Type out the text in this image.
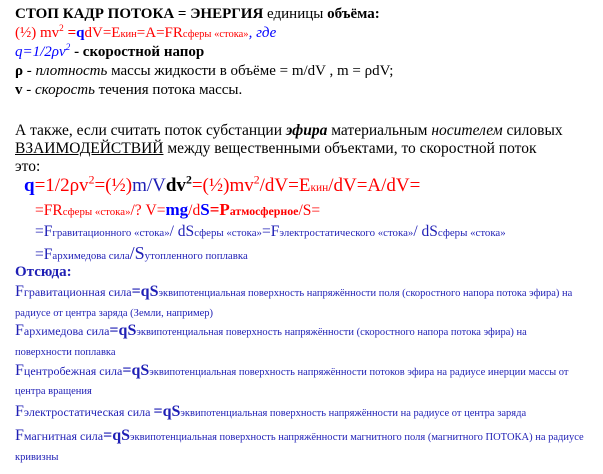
СТОП КАДР ПОТОКА = ЭНЕРГИЯ единицы объёма:
(½) $mv^2$ =qdV=Eкин=A=FRсферы «стока», где
$q=1/2\rho v^2$ - скоростной напор
ρ - плотность массы жидкости в объёме = m/dV , m = ρdV;
v - скорость течения потока массы.
А также, если считать поток субстанции эфира материальным носителем силовых
ВЗАИМОДЕЙСТВИЙ между вещественными объектами, то скоростной поток
это:
$q=1/2\rho v^2=(\frac{1}{2})m/Vdv^2=(\frac{1}{2})mv^2/dV=Eкин/dV=A/dV=$
=FRсферы «стока»/? V=mg/dS=Pатмосферное/S=
=Fгравитационного «стока»/ dSсферы «стока»=Fэлектростатического «стока»/ dSсферы «стока»
=Fархимедова сила/Sутопленного поплавка
Отсюда:
Fгравитационная сила=qSэквипотенциальная поверхность напряжённости поля (скоростного напора потока эфира) на
радиусе от центра заряда (Земли, например)
Fархимедова сила=qSэквипотенциальная поверхность напряжённости (скоростного напора потока эфира) на
поверхности поплавка
Fцентробежная сила=qSэквипотенциальная поверхность напряжённости потоков эфира на радиусе инерции массы от
центра вращения
Fэлектростатическая сила =qSэквипотенциальная поверхность напряжённости на радиусе от центра заряда
Fмагнитная сила=qSэквипотенциальная поверхность напряжённости магнитного поля (магнитного ПОТОКА) на радиусе
кривизны
